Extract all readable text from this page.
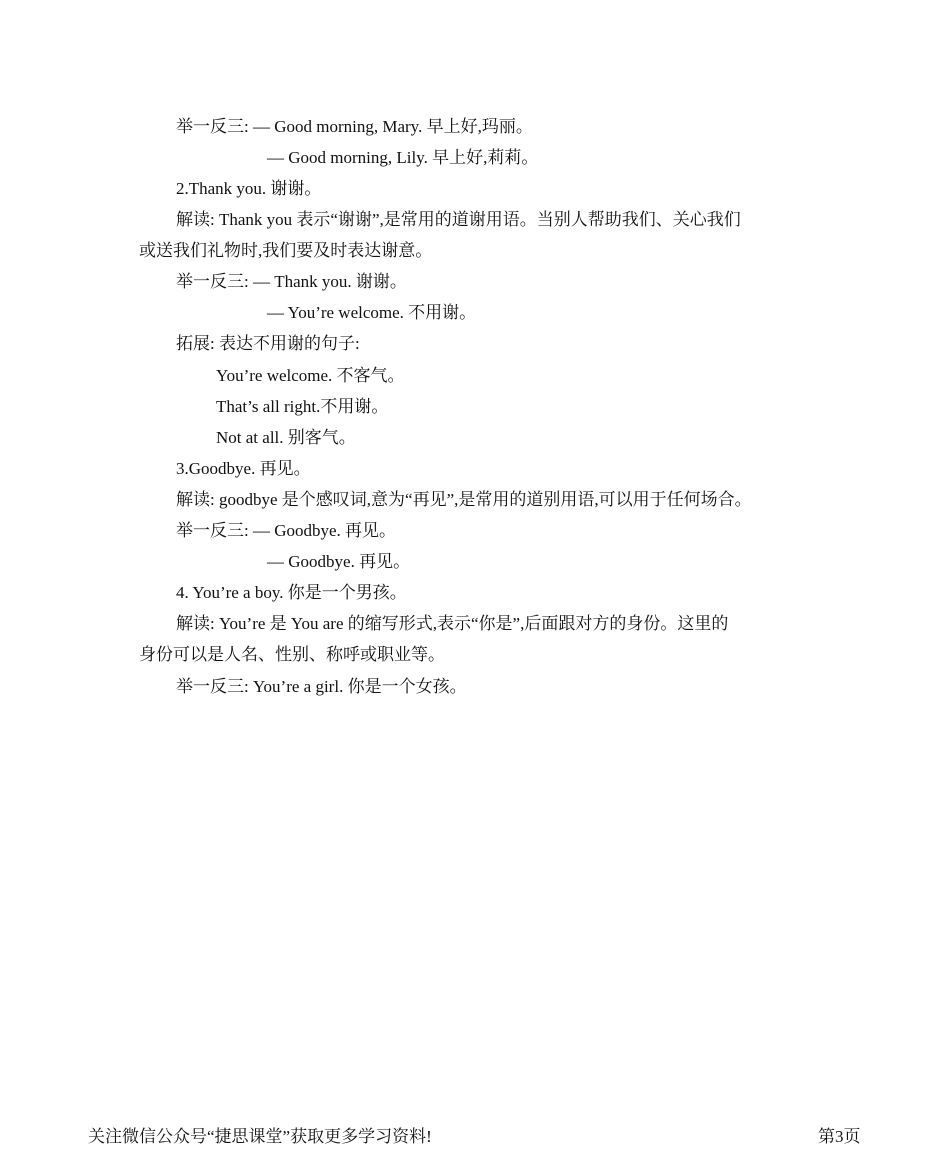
举一反三: — Good morning, Mary. 早上好,玛丽。
— Good morning, Lily. 早上好,莉莉。
2.Thank you. 谢谢。
解读: Thank you 表示“谢谢”,是常用的道谢用语。当别人帮助我们、关心我们
或送我们礼物时,我们要及时表达谢意。
举一反三: — Thank you. 谢谢。
— You’re welcome. 不用谢。
拓展: 表达不用谢的句子:
You’re welcome. 不客气。
That’s all right.不用谢。
Not at all. 别客气。
3.Goodbye. 再见。
解读: goodbye 是个感叹词,意为“再见”,是常用的道别用语,可以用于任何场合。
举一反三: — Goodbye. 再见。
— Goodbye. 再见。
4. You’re a boy. 你是一个男孩。
解读: You’re 是 You are 的缩写形式,表示“你是”,后面跟对方的身份。这里的
身份可以是人名、性别、称呼或职业等。
举一反三: You’re a girl. 你是一个女孩。
关注微信公众号“捷思课堂”获取更多学习资料!	第3页
